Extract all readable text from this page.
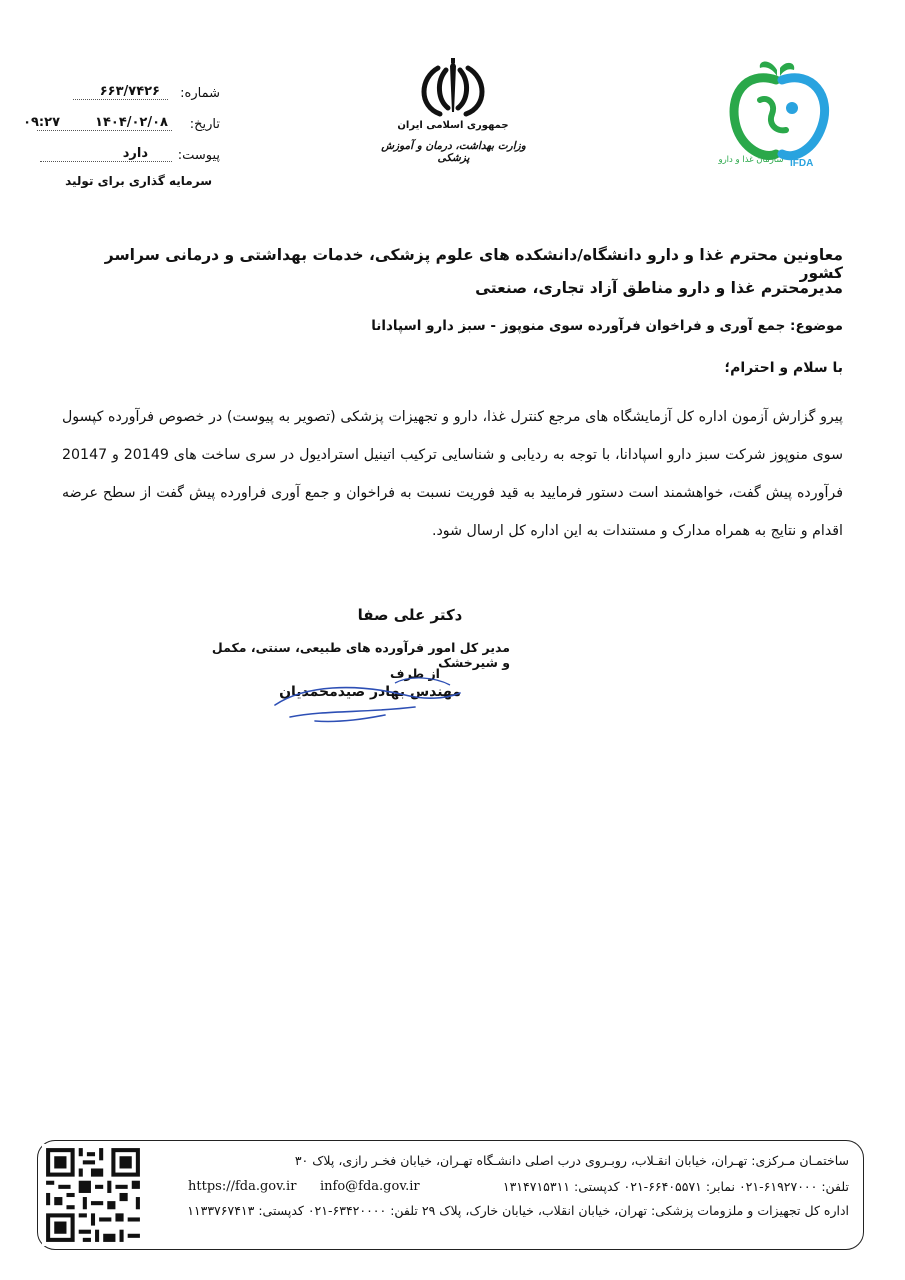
شماره:
۶۶۳/۷۴۲۶
تاریخ:
۱۴۰۴/۰۲/۰۸
۰۹:۲۷
پیوست:
دارد
سرمایه گذاری برای تولید
جمهوری اسلامی ایران
وزارت بهداشت، درمان و آموزش پزشکی	IFDA
سازمان غذا و دارو
معاونین محترم غذا و دارو دانشگاه/دانشکده های علوم پزشکی، خدمات بهداشتی و درمانی سراسر کشور
مدیرمحترم غذا و دارو مناطق آزاد تجاری، صنعتی
موضوع: جمع آوری و فراخوان فرآورده سوی منوپوز - سبز دارو اسپادانا
با سلام و احترام؛
پیرو گزارش آزمون اداره کل آزمایشگاه های مرجع کنترل غذا، دارو و تجهیزات پزشکی (تصویر به پیوست) در خصوص فرآورده کپسول سوی منوپوز شرکت سبز دارو اسپادانا، با توجه به ردیابی و شناسایی ترکیب اتینیل استرادیول در سری ساخت های 20149 و 20147 فرآورده پیش گفت، خواهشمند است دستور فرمایید به قید فوریت نسبت به فراخوان و جمع آوری فراورده پیش گفت از سطح عرضه اقدام و نتایج به همراه مدارک و مستندات به این اداره کل ارسال شود.
دکتر علی صفا
مدیر کل امور فرآورده های طبیعی، سنتی، مکمل و شیرخشک
از طرف
مهندس بهادر صیدمحمدیان
ساختمـان مـرکزی: تهـران، خیابان انقـلاب، روبـروی درب اصلی دانشـگاه تهـران، خیابان فخـر رازی، پلاک ۳۰
تلفن: ۶۱۹۲۷۰۰۰-۰۲۱ نمابر: ۶۶۴۰۵۵۷۱-۰۲۱ کدپستی: ۱۳۱۴۷۱۵۳۱۱
info@fda.gov.ir
https://fda.gov.ir
اداره کل تجهیزات و ملزومات پزشکی: تهران، خیابان انقلاب، خیابان خارک، پلاک ۲۹ تلفن: ۶۳۴۲۰۰۰۰-۰۲۱ کدپستی: ۱۱۳۳۷۶۷۴۱۳
